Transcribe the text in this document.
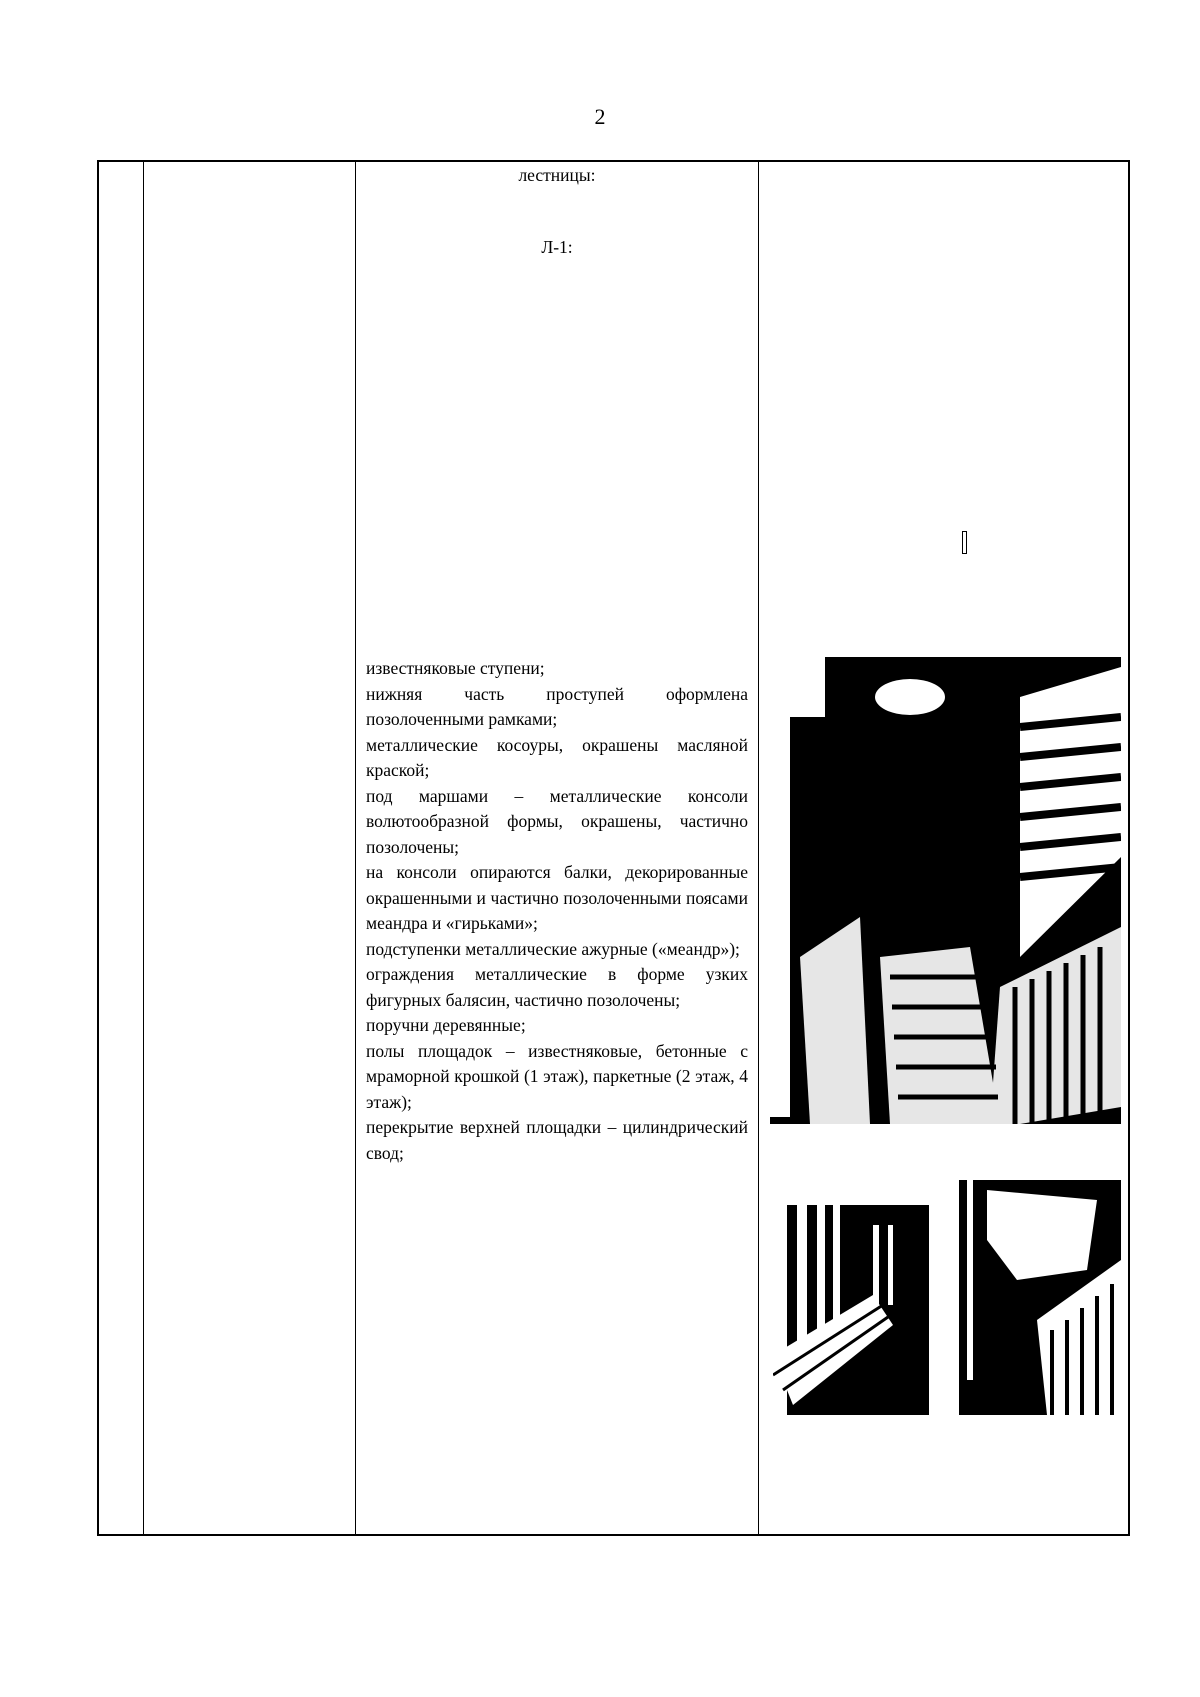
2
лестницы:
Л-1:

известняковые ступени;

нижняя часть проступей оформлена позолоченными рамками;

металлические косоуры, окрашены масляной краской;

под маршами – металлические консоли волютообразной формы, окрашены, частично позолочены;

на консоли опираются балки, декорированные окрашенными и частично позолоченными поясами меандра и «гирьками»;

подступенки металлические ажурные («меандр»);

ограждения металлические в форме узких фигурных балясин, частично позолочены;

поручни деревянные;

полы площадок – известняковые, бетонные с мраморной крошкой (1 этаж), паркетные (2 этаж, 4 этаж);

перекрытие верхней площадки – цилиндрический свод;
